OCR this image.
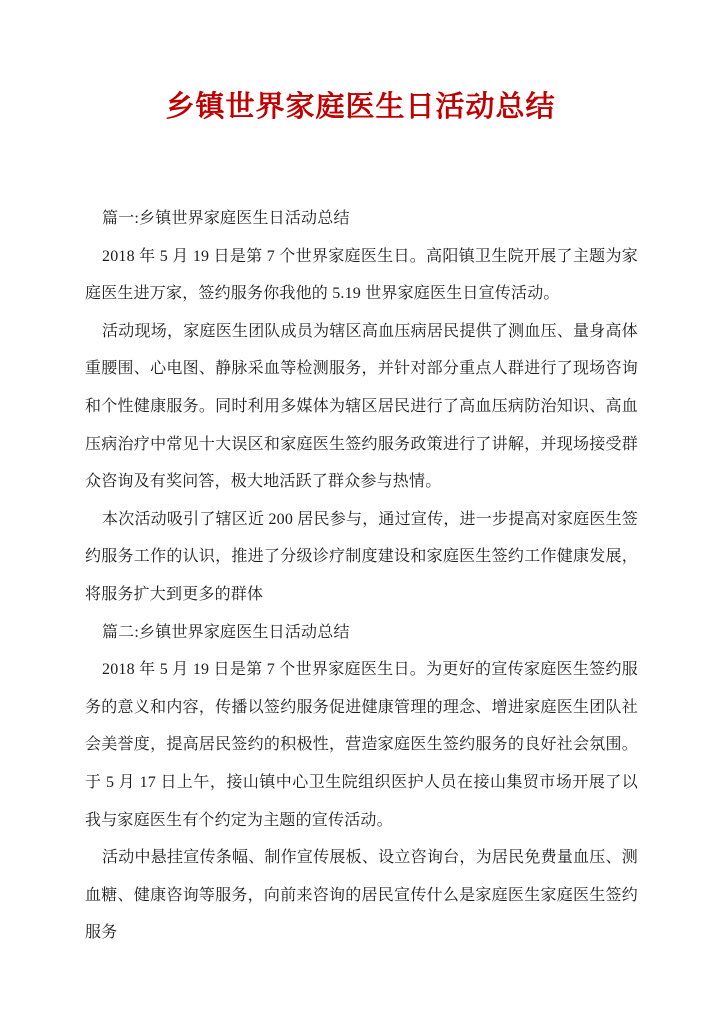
乡镇世界家庭医生日活动总结

篇一:乡镇世界家庭医生日活动总结

2018 年 5 月 19 日是第 7 个世界家庭医生日。高阳镇卫生院开展了主题为家庭医生进万家，签约服务你我他的 5.19 世界家庭医生日宣传活动。

活动现场，家庭医生团队成员为辖区高血压病居民提供了测血压、量身高体重腰围、心电图、静脉采血等检测服务，并针对部分重点人群进行了现场咨询和个性健康服务。同时利用多媒体为辖区居民进行了高血压病防治知识、高血压病治疗中常见十大误区和家庭医生签约服务政策进行了讲解，并现场接受群众咨询及有奖问答，极大地活跃了群众参与热情。

本次活动吸引了辖区近 200 居民参与，通过宣传，进一步提高对家庭医生签约服务工作的认识，推进了分级诊疗制度建设和家庭医生签约工作健康发展，将服务扩大到更多的群体

篇二:乡镇世界家庭医生日活动总结

2018 年 5 月 19 日是第 7 个世界家庭医生日。为更好的宣传家庭医生签约服务的意义和内容，传播以签约服务促进健康管理的理念、增进家庭医生团队社会美誉度，提高居民签约的积极性，营造家庭医生签约服务的良好社会氛围。于 5 月 17 日上午，接山镇中心卫生院组织医护人员在接山集贸市场开展了以我与家庭医生有个约定为主题的宣传活动。

活动中悬挂宣传条幅、制作宣传展板、设立咨询台，为居民免费量血压、测血糖、健康咨询等服务，向前来咨询的居民宣传什么是家庭医生家庭医生签约服务
